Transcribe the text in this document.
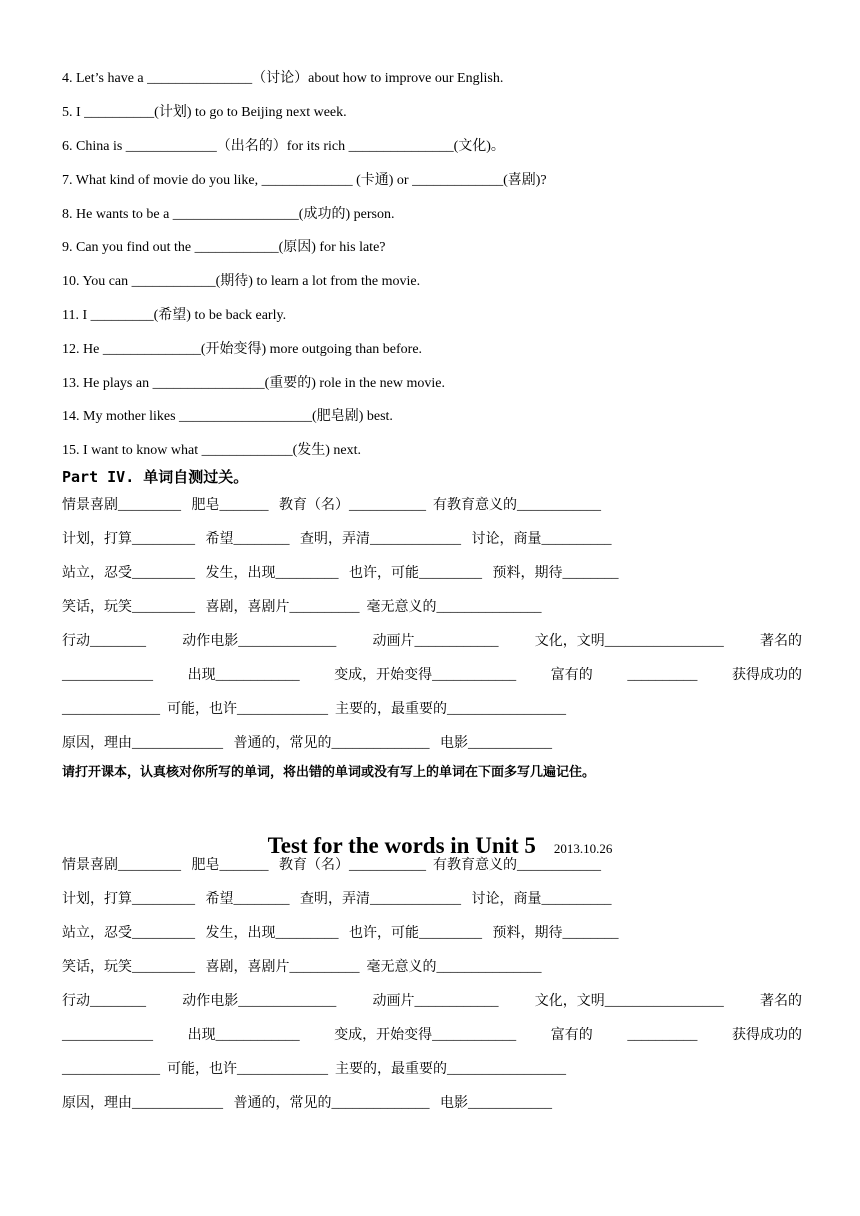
4. Let’s have a _______________（讨论）about how to improve our English.
5. I __________(计划) to go to Beijing next week.
6. China is _____________（出名的）for its rich _______________(文化)。
7. What kind of movie do you like, _____________ (卡通) or _____________(喜剧)?
8. He wants to be a __________________(成功的) person.
9. Can you find out the ____________(原因) for his late?
10. You can ____________(期待) to learn a lot from the movie.
11. I _________(希望) to be back early.
12. He ______________(开始变得) more outgoing than before.
13. He plays an ________________(重要的) role in the new movie.
14. My mother likes ___________________(肥皂剧) best.
15. I want to know what _____________(发生) next.
Part IV. 单词自测过关。
情景喜剧_________   肥皂_______   教育（名）___________  有教育意义的____________
计划，打算_________   希望________   查明，弄清_____________   讨论，商量__________
站立，忍受_________   发生，出现_________   也许，可能_________   预料，期待________
笑话，玩笑_________   喜剧，喜剧片__________  毫无意义的_______________
行动________	动作电影______________	动画片____________	文化，文明_________________	著名的
_____________ 出现____________ 变成，开始变得____________ 富有的 __________ 获得成功的
______________  可能，也许_____________  主要的，最重要的_________________
原因，理由_____________   普通的，常见的______________   电影____________
请打开课本，认真核对你所写的单词，将出错的单词或没有写上的单词在下面多写几遍记住。

Test for the words in Unit 5 2013.10.26

情景喜剧_________   肥皂_______   教育（名）___________  有教育意义的____________
计划，打算_________   希望________   查明，弄清_____________   讨论，商量__________
站立，忍受_________   发生，出现_________   也许，可能_________   预料，期待________
笑话，玩笑_________   喜剧，喜剧片__________  毫无意义的_______________
行动________	动作电影______________	动画片____________	文化，文明_________________	著名的
_____________ 出现____________ 变成，开始变得____________ 富有的 __________ 获得成功的
______________  可能，也许_____________  主要的，最重要的_________________
原因，理由_____________   普通的，常见的______________   电影____________
